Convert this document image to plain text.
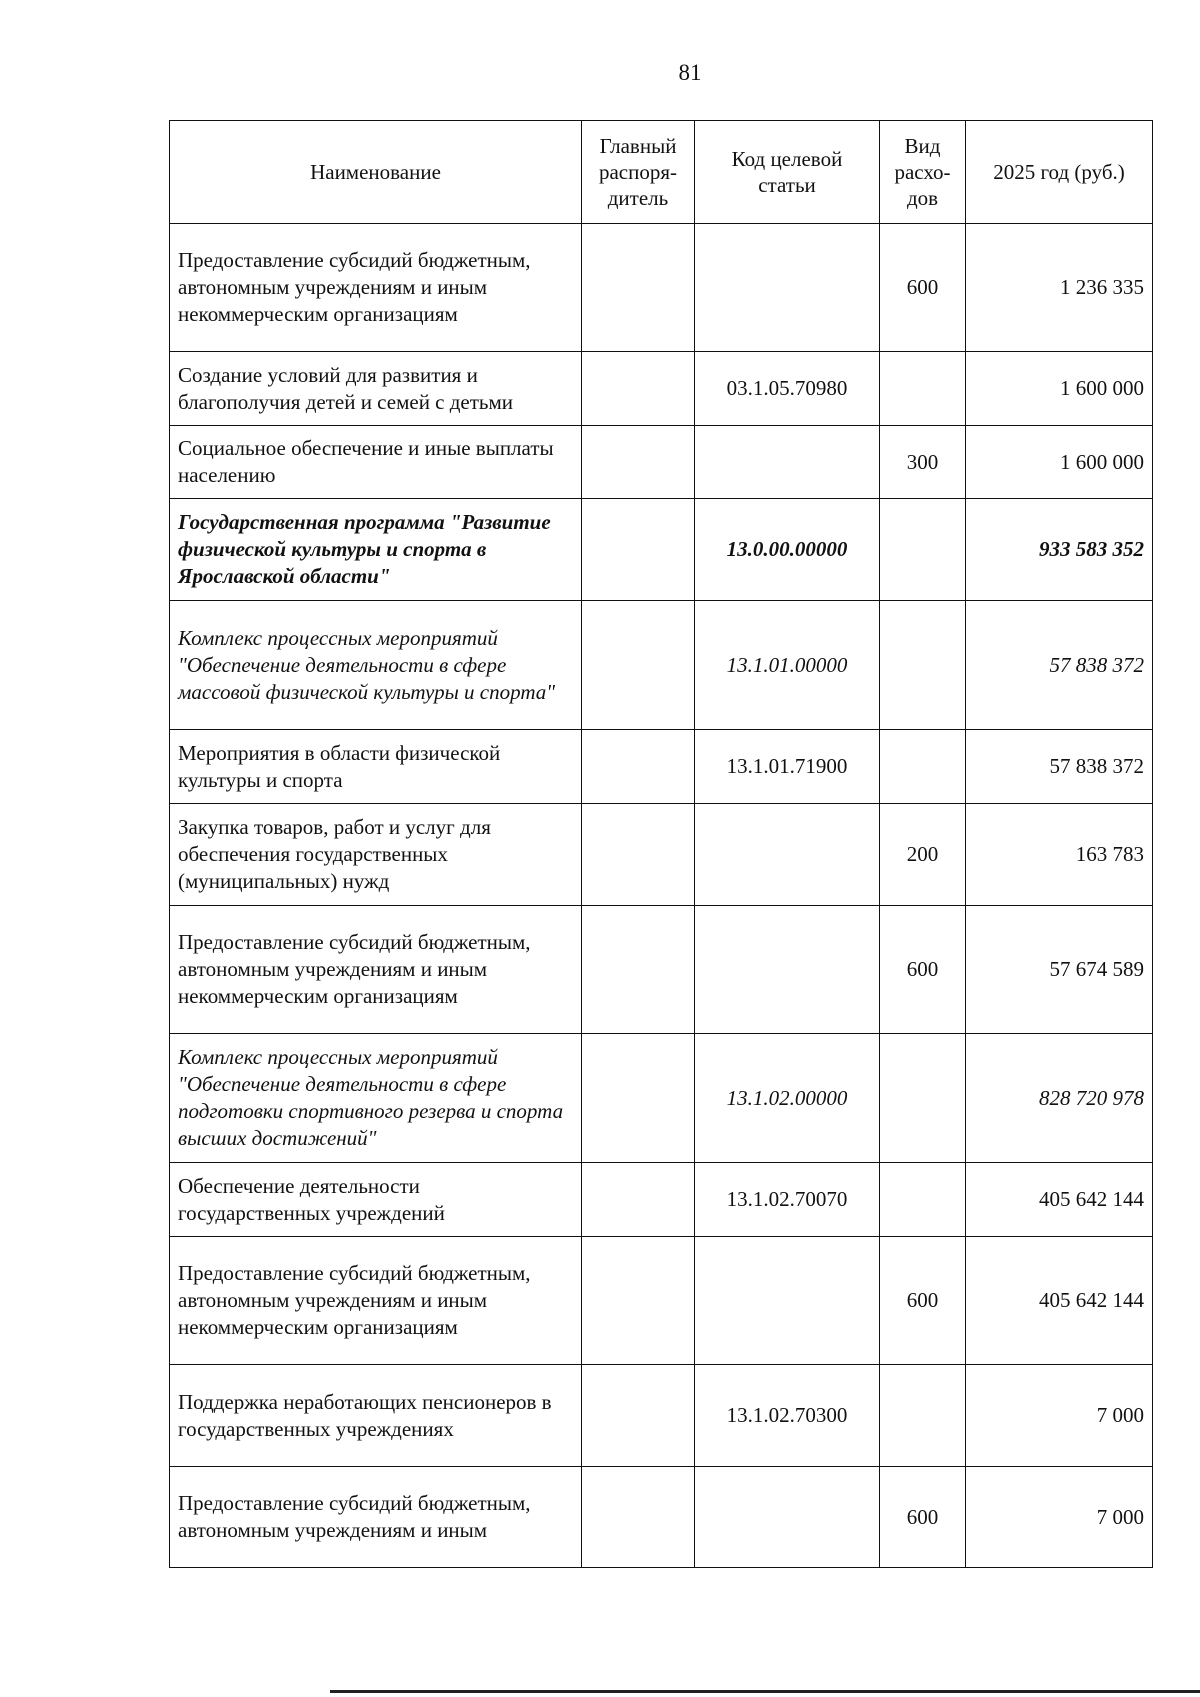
81
Наименование	Главный распоря-дитель	Код целевой статьи	Вид расхо-дов	2025 год (руб.)
Предоставление субсидий бюджетным, автономным учреждениям и иным некоммерческим организациям			600	1 236 335
Создание условий для развития и благополучия детей и семей с детьми		03.1.05.70980		1 600 000
Социальное обеспечение и иные выплаты населению			300	1 600 000
Государственная программа "Развитие физической культуры и спорта в Ярославской области"		13.0.00.00000		933 583 352
Комплекс процессных мероприятий "Обеспечение деятельности в сфере массовой физической культуры и спорта"		13.1.01.00000		57 838 372
Мероприятия в области физической культуры и спорта		13.1.01.71900		57 838 372
Закупка товаров, работ и услуг для обеспечения государственных (муниципальных) нужд			200	163 783
Предоставление субсидий бюджетным, автономным учреждениям и иным некоммерческим организациям			600	57 674 589
Комплекс процессных мероприятий "Обеспечение деятельности в сфере подготовки спортивного резерва и спорта высших достижений"		13.1.02.00000		828 720 978
Обеспечение деятельности государственных учреждений		13.1.02.70070		405 642 144
Предоставление субсидий бюджетным, автономным учреждениям и иным некоммерческим организациям			600	405 642 144
Поддержка неработающих пенсионеров в государственных учреждениях		13.1.02.70300		7 000
Предоставление субсидий бюджетным, автономным учреждениям и иным			600	7 000
